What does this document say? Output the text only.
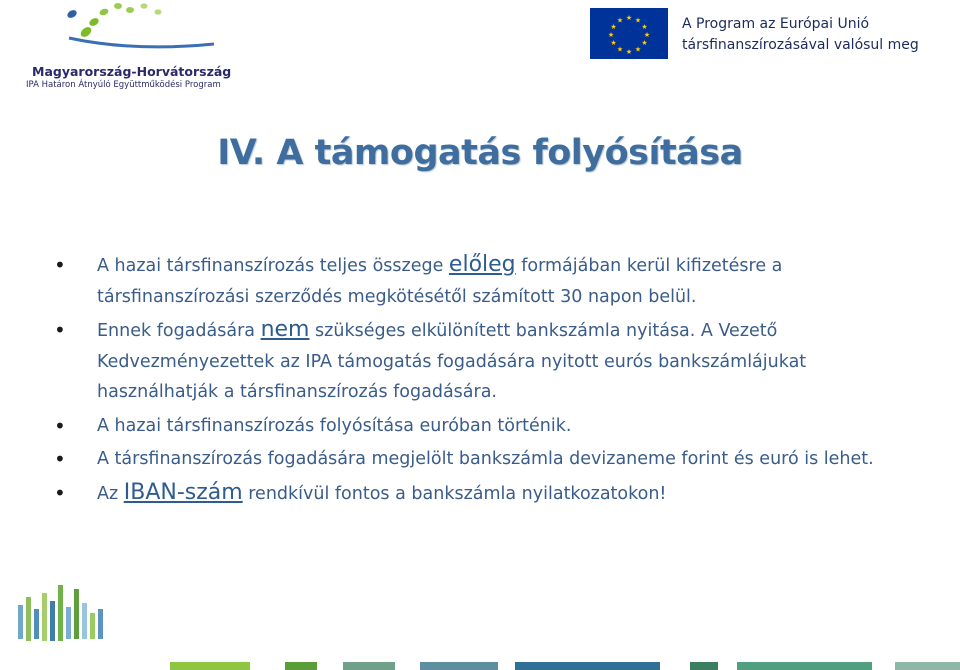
Magyarország-Horvátország
IPA Határon Átnyúló Együttműködési Program
★ ★
★
★
★
★
★
★
★
★
★
★	A Program az Európai Unió
társfinanszírozásával valósul meg
IV. A támogatás folyósítása
• A hazai társfinanszírozás teljes összege előleg formájában kerül kifizetésre a társfinanszírozási szerződés megkötésétől számított 30 napon belül.
• Ennek fogadására nem szükséges elkülönített bankszámla nyitása. A Vezető Kedvezményezettek az IPA támogatás fogadására nyitott eurós bankszámlájukat használhatják a társfinanszírozás fogadására.
• A hazai társfinanszírozás folyósítása euróban történik.
• A társfinanszírozás fogadására megjelölt bankszámla devizaneme forint és euró is lehet.
• Az IBAN-szám rendkívül fontos a bankszámla nyilatkozatokon!
